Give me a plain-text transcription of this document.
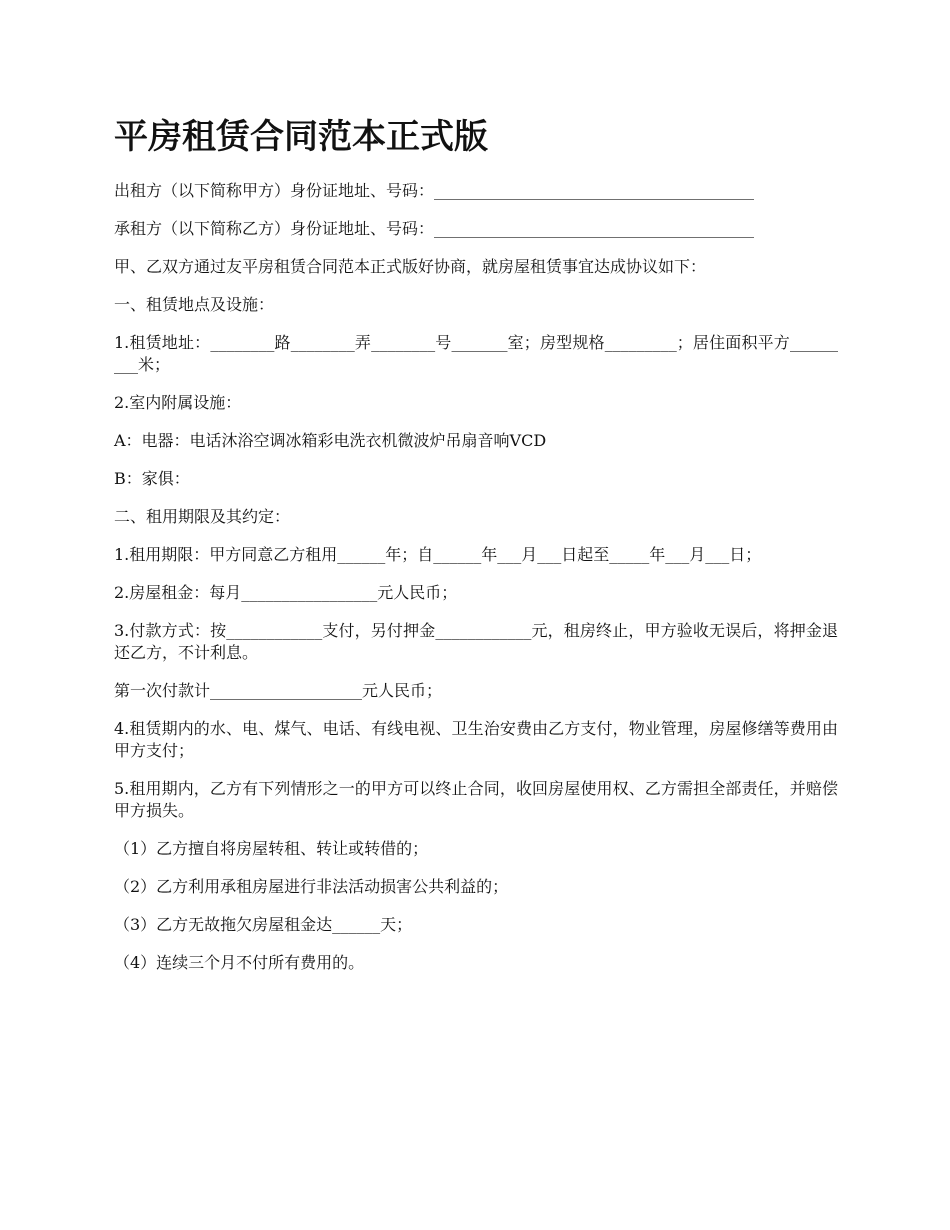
平房租赁合同范本正式版

出租方（以下简称甲方）身份证地址、号码：________________________________________

承租方（以下简称乙方）身份证地址、号码：________________________________________

甲、乙双方通过友平房租赁合同范本正式版好协商，就房屋租赁事宜达成协议如下：

一、租赁地点及设施：

1.租赁地址：________路________弄________号_______室；房型规格_________；居住面积平方_________米；

2.室内附属设施：

A：电器：电话沐浴空调冰箱彩电洗衣机微波炉吊扇音响VCD

B：家俱：

二、租用期限及其约定：

1.租用期限：甲方同意乙方租用______年；自______年___月___日起至_____年___月___日；

2.房屋租金：每月_________________元人民币；

3.付款方式：按____________支付，另付押金____________元，租房终止，甲方验收无误后，将押金退还乙方，不计利息。

第一次付款计___________________元人民币；

4.租赁期内的水、电、煤气、电话、有线电视、卫生治安费由乙方支付，物业管理，房屋修缮等费用由甲方支付；

5.租用期内，乙方有下列情形之一的甲方可以终止合同，收回房屋使用权、乙方需担全部责任，并赔偿甲方损失。

（1）乙方擅自将房屋转租、转让或转借的；

（2）乙方利用承租房屋进行非法活动损害公共利益的；

（3）乙方无故拖欠房屋租金达______天；

（4）连续三个月不付所有费用的。
